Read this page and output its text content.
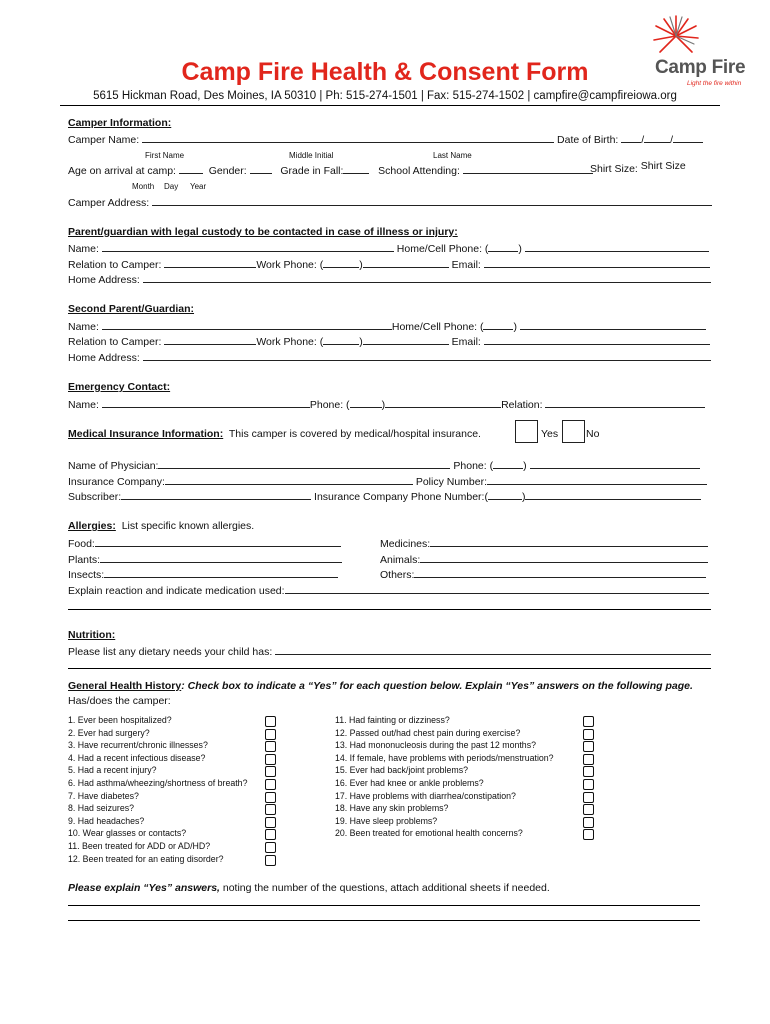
Camp Fire Health & Consent Form	Camp Fire
Light the fire within
5615 Hickman Road, Des Moines, IA 50310 | Ph: 515-274-1501 | Fax: 515-274-1502 | campfire@campfireiowa.org
Camper Information:
Camper Name:	Date of Birth: / /
First Name	Middle Initial	Last Name
Age on arrival at camp:	Gender:	Grade in Fall:	School Attending:	Shirt Size: Shirt Size
Month Day Year
Camper Address:
Parent/guardian with legal custody to be contacted in case of illness or injury:
Name:	Home/Cell Phone: (	)
Relation to Camper:	Work Phone: (	)	Email:
Home Address:
Second Parent/Guardian:
Name:	Home/Cell Phone: (	)
Relation to Camper:	Work Phone: (	)	Email:
Home Address:
Emergency Contact:
Name:	Phone: (	)	Relation:
Medical Insurance Information: This camper is covered by medical/hospital insurance.	Yes	No
Name of Physician:	Phone: (	)
Insurance Company:	Policy Number:
Subscriber:	Insurance Company Phone Number:(	)
Allergies: List specific known allergies.
Food:	Medicines:
Plants:	Animals:
Insects:	Others:
Explain reaction and indicate medication used:
Nutrition:
Please list any dietary needs your child has:
General Health History: Check box to indicate a “Yes” for each question below. Explain “Yes” answers on the following page.
Has/does the camper:
1. Ever been hospitalized?
2. Ever had surgery?
3. Have recurrent/chronic illnesses?
4. Had a recent infectious disease?
5. Had a recent injury?
6. Had asthma/wheezing/shortness of breath?
7. Have diabetes?
8. Had seizures?
9. Had headaches?
10. Wear glasses or contacts?
11. Been treated for ADD or AD/HD?
12. Been treated for an eating disorder?
11. Had fainting or dizziness?
12. Passed out/had chest pain during exercise?
13. Had mononucleosis during the past 12 months?
14. If female, have problems with periods/menstruation?
15. Ever had back/joint problems?
16. Ever had knee or ankle problems?
17. Have problems with diarrhea/constipation?
18. Have any skin problems?
19. Have sleep problems?
20. Been treated for emotional health concerns?
Please explain “Yes” answers, noting the number of the questions, attach additional sheets if needed.
